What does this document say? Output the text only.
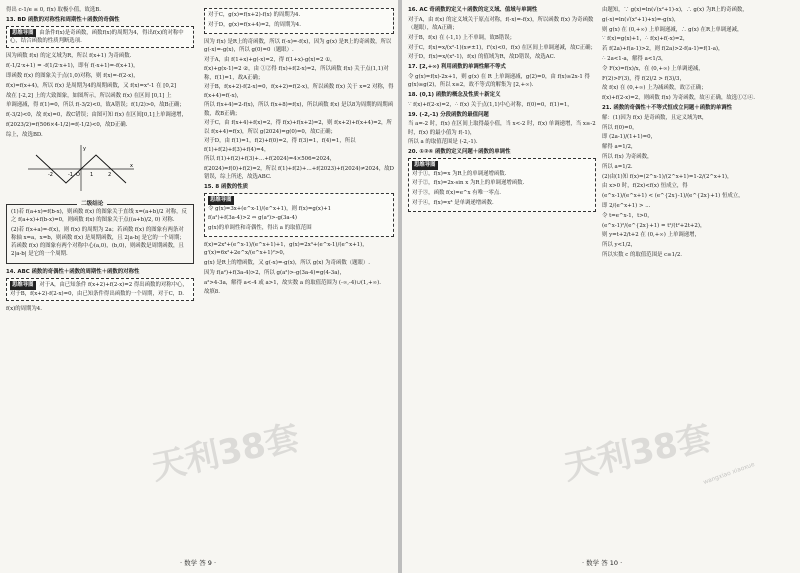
得出 c-1/e ≤ 0, f(x) 取极小值，故选B.

13. BD 函数的对称性和周期性＋函数的奇偶性

思维导图 由条件f(x)是奇函数，函数f(x)的周期为4，得出f(x)的对称中心，结合函数的性质判断选项.

因为函数 f(x) 的定义域为R，所以 f(x+1) 为奇函数.

f(-1/2·x+1) = -f(1/2·x+1)，即有 f(-x+1)=-f(x+1)，

即函数 f(x) 的图象关于点(1,0)对称，则 f(x)=-f(2-x)，

f(x)=f(x+4)，所以 f(x) 是周期为4的周期函数，又 f(x)=x²-1 在 [0,2]

故在 [-2,2] 上的大致图象，如图所示，所以函数 f(x) 在区间 [0,1] 上

单调递减，得 f(1)=0，所以 f(-3/2)<0，故A错误；f(1/2)>0，故B正确；

f(-3/2)<0，故 f(x)=0，故C错误；由图可知 f(x) 在区间[0,1]上单调递增，

f(2023/2)=f(506×4-1/2)=f(-1/2)<0，故D正确.

综上，故选BD.

-2	-1 O 1	2
x
y
二级结论

(1)若 f(a+x)=f(b-x)，则函数 f(x) 的图象关于直线 x=(a+b)/2 对称，反之 f(a+x)+f(b-x)=0，则函数 f(x) 的图象关于点((a+b)/2, 0) 对称.

(2)若 f(x+a)=-f(x)，则 f(x) 的周期为 2a；若函数 f(x) 的图象有两条对称轴 x=a，x=b，则函数 f(x) 是周期函数，且 2|a-b| 是它的一个周期；若函数 f(x) 的图象有两个对称中心(a,0)，(b,0)，则函数是周期函数，且 2|a-b| 是它的一个周期.

14. ABC 函数的奇偶性＋函数的周期性＋函数的对称性

思维导图 对于A，由已知条件 f(x+2)+f(2-x)=2 得出函数的对称中心，对于B，f(x+2)-f(2-x)=0，由已知条件得出函数的一个周期，对于C，D.

f(x)的周期为4.

对于C，g(x)=f(x+2)-f(x) 的周期为4.

对于D，g(x)=f(x+4)=2，的周期为4.

因为 f(x) 是R上的奇函数，所以 f(-x)=-f(x)，因为 g(x) 是R上的奇函数，所以 g(-x)=-g(x)，所以 g(0)=0（题眼）.

对于A，由 f(1+x)+g(-x)=2，得 f(1+x)-g(x)=2 ①，

f(x)+g(x-1)=2 ②，由 ①②得 f(x)+f(2-x)=2，所以函数 f(x) 关于点(1,1)对称，f(1)=1，故A正确；

对于B，f(x+2)-f(2-x)=0，f(x+2)=f(2-x)，所以函数 f(x) 关于 x=2 对称，得 f(x+4)=f(-x)，

所以 f(x+4)=2-f(x)，所以 f(x+8)=f(x)，所以函数 f(x) 是以8为周期的周期函数，故B正确；

对于C，由 f(x+4)+f(x)=2，得 f(x)+f(x+2)=2，则 f(x+2)+f(x+4)=2，所以 f(x+4)=f(x)，所以 g(2024)=g(0)=0，故C正确；

对于D，由 f(1)=1，f(2)+f(0)=2，得 f(3)=1，f(4)=1，所以 f(1)+f(2)+f(3)+f(4)=4，

所以 f(1)+f(2)+f(3)+…+f(2024)=4×506=2024，

f(2024)=f(0)+f(2)=2，所以 f(1)+f(2)+…+f(2023)+f(2024)≠2024，故D错误，综上所述，故选ABC.

15. 8 函数的性质

思维导图

令 g(x)=3x+(e^x-1)/(e^x+1)，则 f(x)=g(x)+1

f(a²)+f(3a-4)>2 ⇔ g(a²)>-g(3a-4)

g(x)的单调性和奇偶性，得出 a 的取值范围

f(x)=2x³+(e^x-1)/(e^x+1)+1，g(x)=2x³+(e^x-1)/(e^x+1)，g'(x)=6x²+2e^x/(e^x+1)²>0，

g(x) 是R上的增函数，又 g(-x)=-g(x)，所以 g(x) 为奇函数（题眼）.

因为 f(a²)+f(3a-4)>2，所以 g(a²)>-g(3a-4)=g(4-3a)，

a²>4-3a，解得 a<-4 或 a>1，故实数 a 的取值范围为 (-∞,-4)∪(1,+∞).

故填8.

天利38套
· 数学 答 9 ·

16. AC 奇函数的定义＋函数的定义域、值域与单调性

对于A，由 f(x) 的定义域关于原点对称，f(-x)=-f(x)，所以函数 f(x) 为奇函数（题眼），故A正确；

对于B，f(x) 在 (-1,1) 上不单调，故B错误；

对于C，f(x)=x/(x²-1)(x≠±1)，f'(x)<0，f(x) 在区间上单调递减，故C正确；

对于D，f(x)=x/(x²-1)，f(x) 的值域为R，故D错误，故选AC.

17. [2,+∞) 利用函数的单调性解不等式

令 g(x)=f(x)-2x+1，则 g(x) 在 R 上单调递减，g(2)=0，由 f(x)≥2x-1 得 g(x)≥g(2)，所以 x≥2，故不等式的解集为 [2,+∞).

18. (0,1) 函数的概念及性质＋新定义

∵ f(x)+f(2-x)=2，∴ f(x) 关于点(1,1)中心对称，f(0)=0，f(1)=1，

19. (-2,-1) 分段函数的最值问题

当 a=-2 时，f(x) 在区间上取得最小值，当 x<-2 时，f(x) 单调递增，当 x≥-2 时，f(x) 的最小值为 f(-1)，

所以 a 的取值范围是 (-2,-1).

20. ①②④ 函数的定义问题＋函数的单调性

思维导图

对于①，f(x)=x 为R上的单调递增函数.

对于②，f(x)=2x-sin x 为R上的单调递增函数.

对于③，函数 f(x)=e^x 有唯一零点.

对于④，f(x)=x³ 是单调递增函数.

由题知，∵ g(x)=ln(√(x²+1)-x)，∴ g(x) 为R上的奇函数，

g(-x)=ln(√(x²+1)+x)=-g(x)，

则 g(x) 在 (0,+∞) 上单调递减，∴ g(x) 在R上单调递减，

∵ f(x)=g(x)+1，∴ f(x)+f(-x)=2，

若 f(2a)+f(a-1)>2，则 f(2a)>2-f(a-1)=f(1-a)，

∴ 2a<1-a，解得 a<1/3，

令 F(x)=f(x)/x，在 (0,+∞) 上单调递减，

F(2)>F(3)，得 f(2)/2 > f(3)/3，

故 f(x) 在 (0,+∞) 上为减函数，故②正确；

f(x)+f(2-x)=2，则函数 f(x) 为奇函数，故④正确，故选①②④.

21. 函数的奇偶性＋不等式恒成立问题＋函数的单调性

解：(1)因为 f(x) 是奇函数，且定义域为R，

所以 f(0)=0，

即 (2a-1)/(1+1)=0，

解得 a=1/2，

所以 f(x) 为奇函数，

所以 a=1/2.

(2)由(1)知 f(x)=(2^x-1)/(2^x+1)=1-2/(2^x+1)，

由 x>0 时，f(2x)<f(x) 恒成立，得

(e^x-1)/(e^x+1) < (e^{2x}-1)/(e^{2x}+1) 恒成立，

即 2/(e^x+1) > ...

令 t=e^x-1，t>0，

(e^x-1)²/(e^{2x}+1) = t²/(t²+2t+2)，

则 y=t+2/t+2 在 (0,+∞) 上单调递增，

所以 y<1/2，

所以实数 c 的取值范围是 c≥1/2.

天利38套
wangxiao xiaoxue
· 数学 答 10 ·
